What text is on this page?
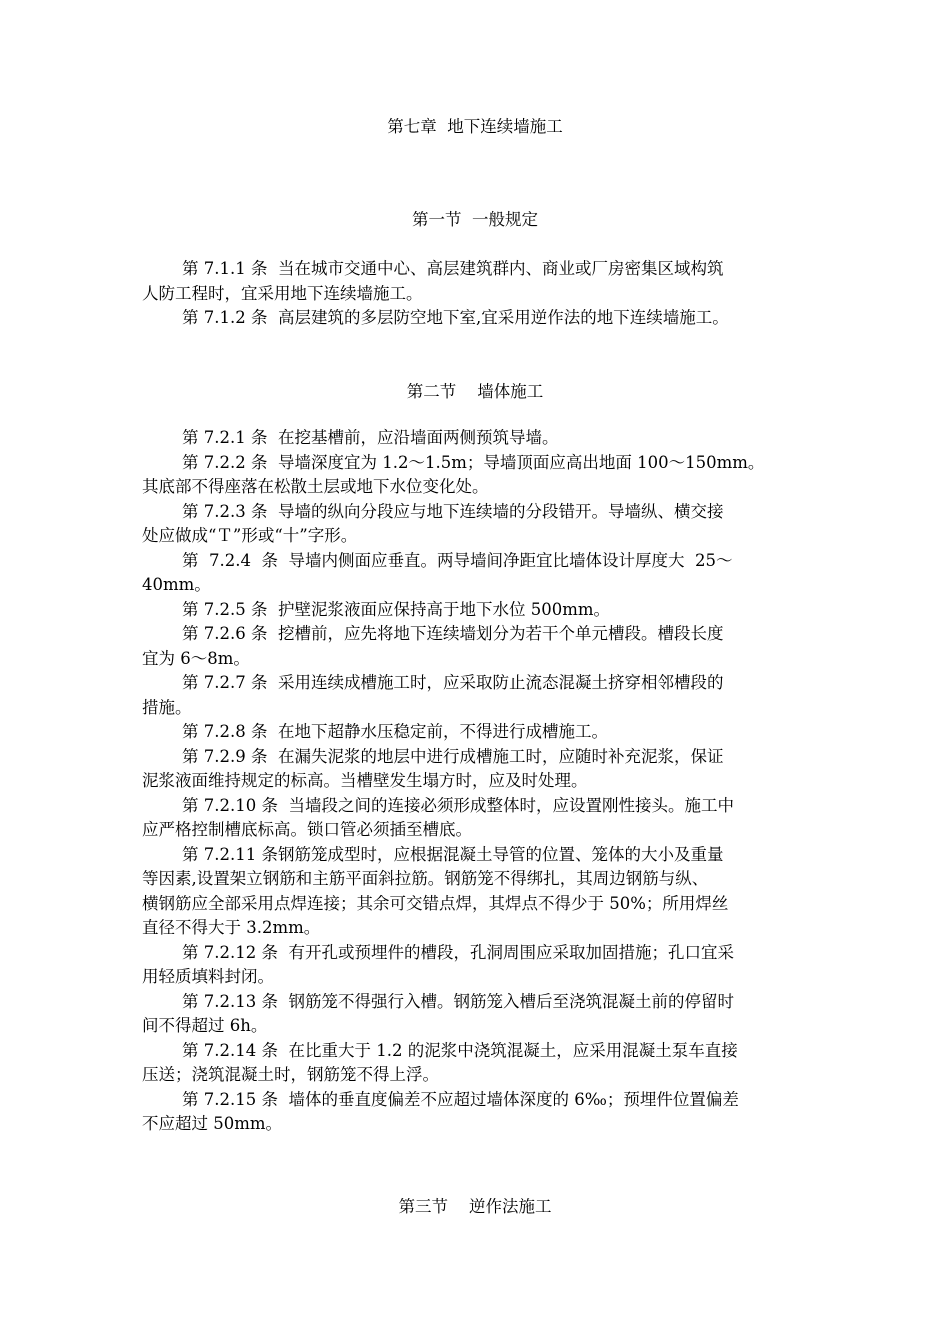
第七章  地下连续墙施工
第一节  一般规定
第 7.1.1 条  当在城市交通中心、高层建筑群内、商业或厂房密集区域构筑
人防工程时，宜采用地下连续墙施工。
第 7.1.2 条  高层建筑的多层防空地下室,宜采用逆作法的地下连续墙施工。
第二节    墙体施工
第 7.2.1 条  在挖基槽前，应沿墙面两侧预筑导墙。
第 7.2.2 条  导墙深度宜为 1.2～1.5m；导墙顶面应高出地面 100～150mm。
其底部不得座落在松散土层或地下水位变化处。
第 7.2.3 条  导墙的纵向分段应与地下连续墙的分段错开。导墙纵、横交接
处应做成“Ｔ”形或“十”字形。
第  7.2.4  条  导墙内侧面应垂直。两导墙间净距宜比墙体设计厚度大  25～
40mm。
第 7.2.5 条  护壁泥浆液面应保持高于地下水位 500mm。
第 7.2.6 条  挖槽前，应先将地下连续墙划分为若干个单元槽段。槽段长度
宜为 6～8m。
第 7.2.7 条  采用连续成槽施工时，应采取防止流态混凝土挤穿相邻槽段的
措施。
第 7.2.8 条  在地下超静水压稳定前，不得进行成槽施工。
第 7.2.9 条  在漏失泥浆的地层中进行成槽施工时，应随时补充泥浆，保证
泥浆液面维持规定的标高。当槽壁发生塌方时，应及时处理。
第 7.2.10 条  当墙段之间的连接必须形成整体时，应设置刚性接头。施工中
应严格控制槽底标高。锁口管必须插至槽底。
第 7.2.11 条钢筋笼成型时，应根据混凝土导管的位置、笼体的大小及重量
等因素,设置架立钢筋和主筋平面斜拉筋。钢筋笼不得绑扎，其周边钢筋与纵、
横钢筋应全部采用点焊连接；其余可交错点焊，其焊点不得少于 50%；所用焊丝
直径不得大于 3.2mm。
第 7.2.12 条  有开孔或预埋件的槽段，孔洞周围应采取加固措施；孔口宜采
用轻质填料封闭。
第 7.2.13 条  钢筋笼不得强行入槽。钢筋笼入槽后至浇筑混凝土前的停留时
间不得超过 6h。
第 7.2.14 条  在比重大于 1.2 的泥浆中浇筑混凝土，应采用混凝土泵车直接
压送；浇筑混凝土时，钢筋笼不得上浮。
第 7.2.15 条  墙体的垂直度偏差不应超过墙体深度的 6‰；预埋件位置偏差
不应超过 50mm。
第三节    逆作法施工
